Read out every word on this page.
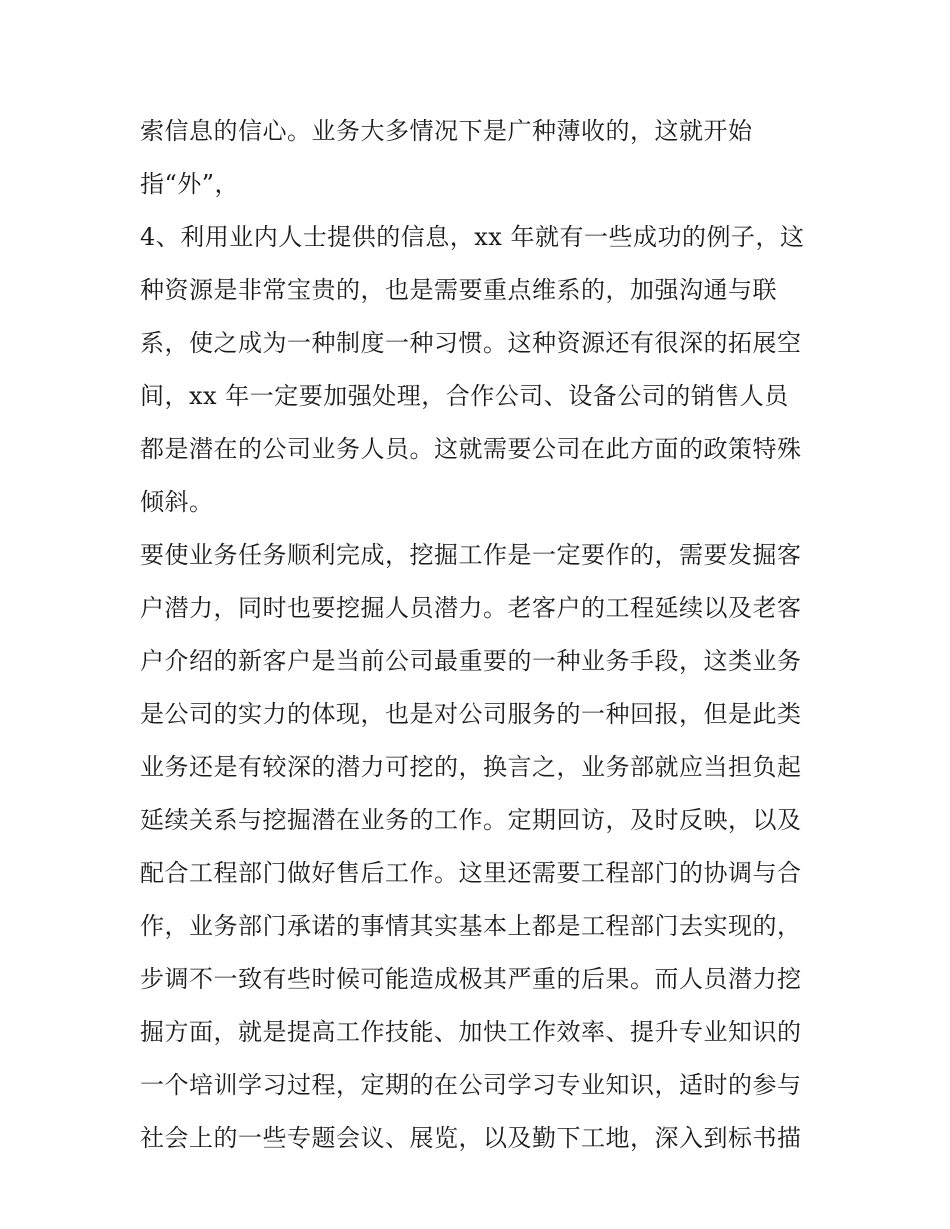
索信息的信心。业务大多情况下是广种薄收的，这就开始
指“外”，
4、利用业内人士提供的信息，xx 年就有一些成功的例子，这
种资源是非常宝贵的，也是需要重点维系的，加强沟通与联
系，使之成为一种制度一种习惯。这种资源还有很深的拓展空
间，xx 年一定要加强处理，合作公司、设备公司的销售人员
都是潜在的公司业务人员。这就需要公司在此方面的政策特殊
倾斜。
要使业务任务顺利完成，挖掘工作是一定要作的，需要发掘客
户潜力，同时也要挖掘人员潜力。老客户的工程延续以及老客
户介绍的新客户是当前公司最重要的一种业务手段，这类业务
是公司的实力的体现，也是对公司服务的一种回报，但是此类
业务还是有较深的潜力可挖的，换言之，业务部就应当担负起
延续关系与挖掘潜在业务的工作。定期回访，及时反映，以及
配合工程部门做好售后工作。这里还需要工程部门的协调与合
作，业务部门承诺的事情其实基本上都是工程部门去实现的，
步调不一致有些时候可能造成极其严重的后果。而人员潜力挖
掘方面，就是提高工作技能、加快工作效率、提升专业知识的
一个培训学习过程，定期的在公司学习专业知识，适时的参与
社会上的一些专题会议、展览，以及勤下工地，深入到标书描
